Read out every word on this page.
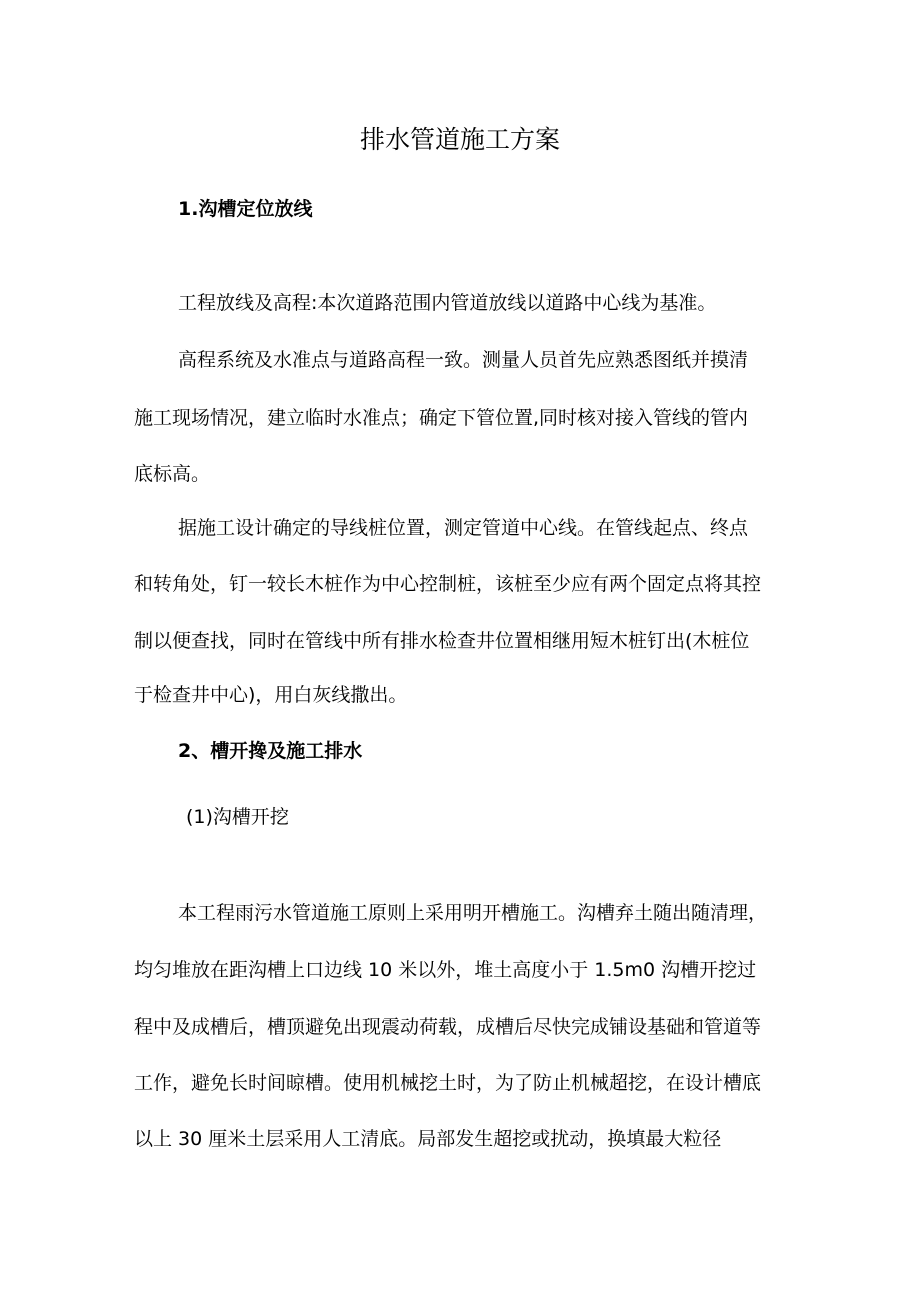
排水管道施工方案

1.沟槽定位放线

工程放线及高程:本次道路范围内管道放线以道路中心线为基准。

高程系统及水准点与道路高程一致。测量人员首先应熟悉图纸并摸清

施工现场情况，建立临时水准点；确定下管位置,同时核对接入管线的管内

底标高。

据施工设计确定的导线桩位置，测定管道中心线。在管线起点、终点

和转角处，钉一较长木桩作为中心控制桩，该桩至少应有两个固定点将其控

制以便查找，同时在管线中所有排水检查井位置相继用短木桩钉出(木桩位

于检查井中心)，用白灰线撒出。

2、槽开搀及施工排水

(1)沟槽开挖

本工程雨污水管道施工原则上采用明开槽施工。沟槽弃土随出随清理，

均匀堆放在距沟槽上口边线 10 米以外，堆土高度小于 1.5m0 沟槽开挖过

程中及成槽后，槽顶避免出现震动荷载，成槽后尽快完成铺设基础和管道等

工作，避免长时间晾槽。使用机械挖土时，为了防止机械超挖，在设计槽底

以上 30 厘米土层采用人工清底。局部发生超挖或扰动，换填最大粒径
